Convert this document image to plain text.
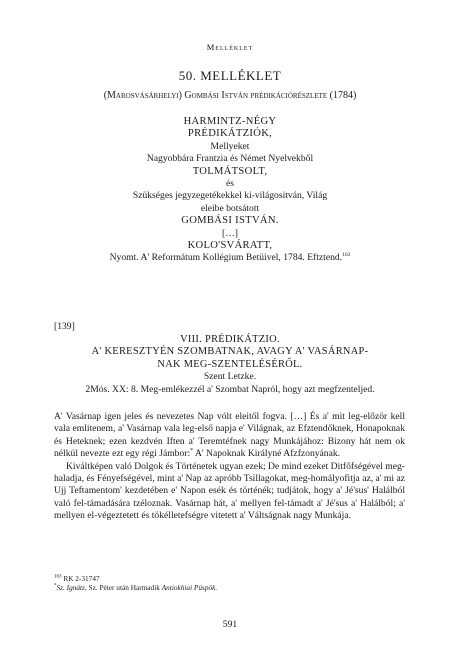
Melléklet
50. MELLÉKLET
(Marosvásárhelyi) Gombási István prédikációrészlete (1784)
HARMINTZ-NÉGY
PRÉDIKÁTZIÓK,
Mellyeket
Nagyobbára Frantzia és Német Nyelvekből
TOLMÁTSOLT,
és
Szükséges jegyzegetékekkel ki-világositván, Világ
eleibe botsátott
GOMBÁSI ISTVÁN.
[…]
KOLO'SVÁRATT,
Nyomt. A' Reformátum Kollégium Betüivel, 1784. Eftztend.$^{163}$
[139]
VIII. PRÉDIKÁTZIO.
A' KERESZTYÉN SZOMBATNAK, AVAGY A' VASÁRNAP-
NAK MEG-SZENTELÉSÉRŐL.
Szent Letzke.
2Mós. XX: 8. Meg-emlékezzél a' Szombat Napról, hogy azt megfzenteljed.

A' Vasárnap igen jeles és nevezetes Nap vólt eleitől fogva. […] És a' mit leg-előzör kell vala emlitenem, a' Vasárnap vala leg-első napja e' Világnak, az Efztendőknek, Honapoknak és Heteknek; ezen kezdvén Iften a' Teremtéfnek nagy Munkájához: Bizony hát nem ok nélkül nevezte ezt egy régi Jámbor:* A' Napoknak Királyné Afzfzonyának.

Kiváltképen való Dolgok és Történetek ugyan ezek; De mind ezeket Ditfőfségével meg-haladja, és Fényefségével, mint a' Nap az apróbb Tsillagokat, meg-homályofitja az, a' mi az Ujj Teftamentom' kezdetében e' Napon esék és történék; tudjátok, hogy a' Jé'sus' Halálból való fel-támadására tzéloznak. Vasárnap hát, a' mellyen fel-támadt a' Jé'sus a' Halálból; a' mellyen el-végeztetett és tökélletefségre vitetett a' Váltságnak nagy Munkája.

$^{163}$ RK 2-31747
*Sz. Ignátz, Sz. Péter után Harmadik Antiokhiai Püspök.
591
